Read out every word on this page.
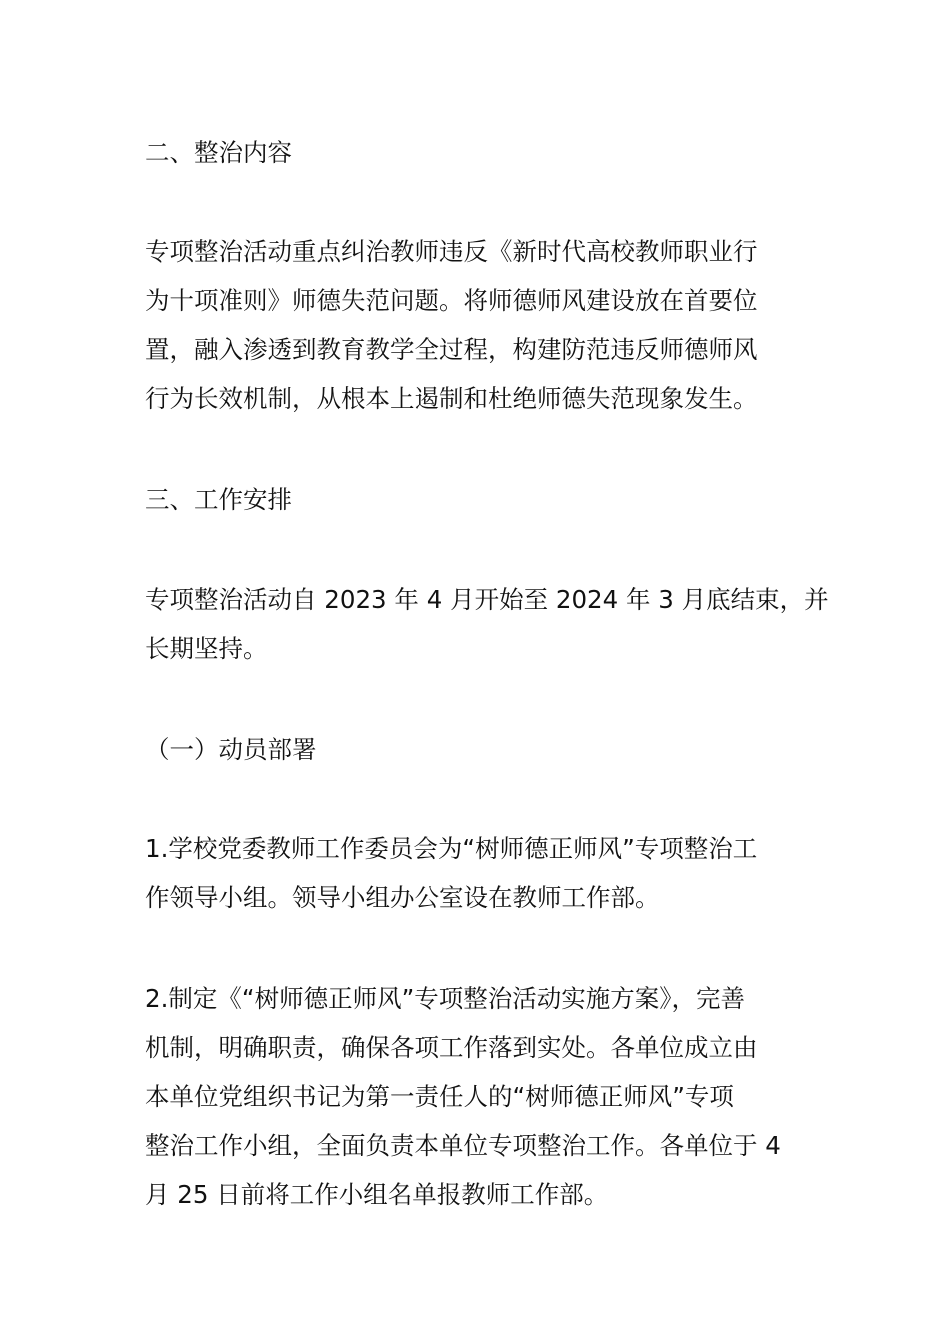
二、整治内容

专项整治活动重点纠治教师违反《新时代高校教师职业行
为十项准则》师德失范问题。将师德师风建设放在首要位
置，融入渗透到教育教学全过程，构建防范违反师德师风
行为长效机制，从根本上遏制和杜绝师德失范现象发生。

三、工作安排

专项整治活动自 2023 年 4 月开始至 2024 年 3 月底结束，并
长期坚持。

（一）动员部署

1.学校党委教师工作委员会为“树师德正师风”专项整治工
作领导小组。领导小组办公室设在教师工作部。

2.制定《“树师德正师风”专项整治活动实施方案》，完善
机制，明确职责，确保各项工作落到实处。各单位成立由
本单位党组织书记为第一责任人的“树师德正师风”专项
整治工作小组，全面负责本单位专项整治工作。各单位于 4
月 25 日前将工作小组名单报教师工作部。
